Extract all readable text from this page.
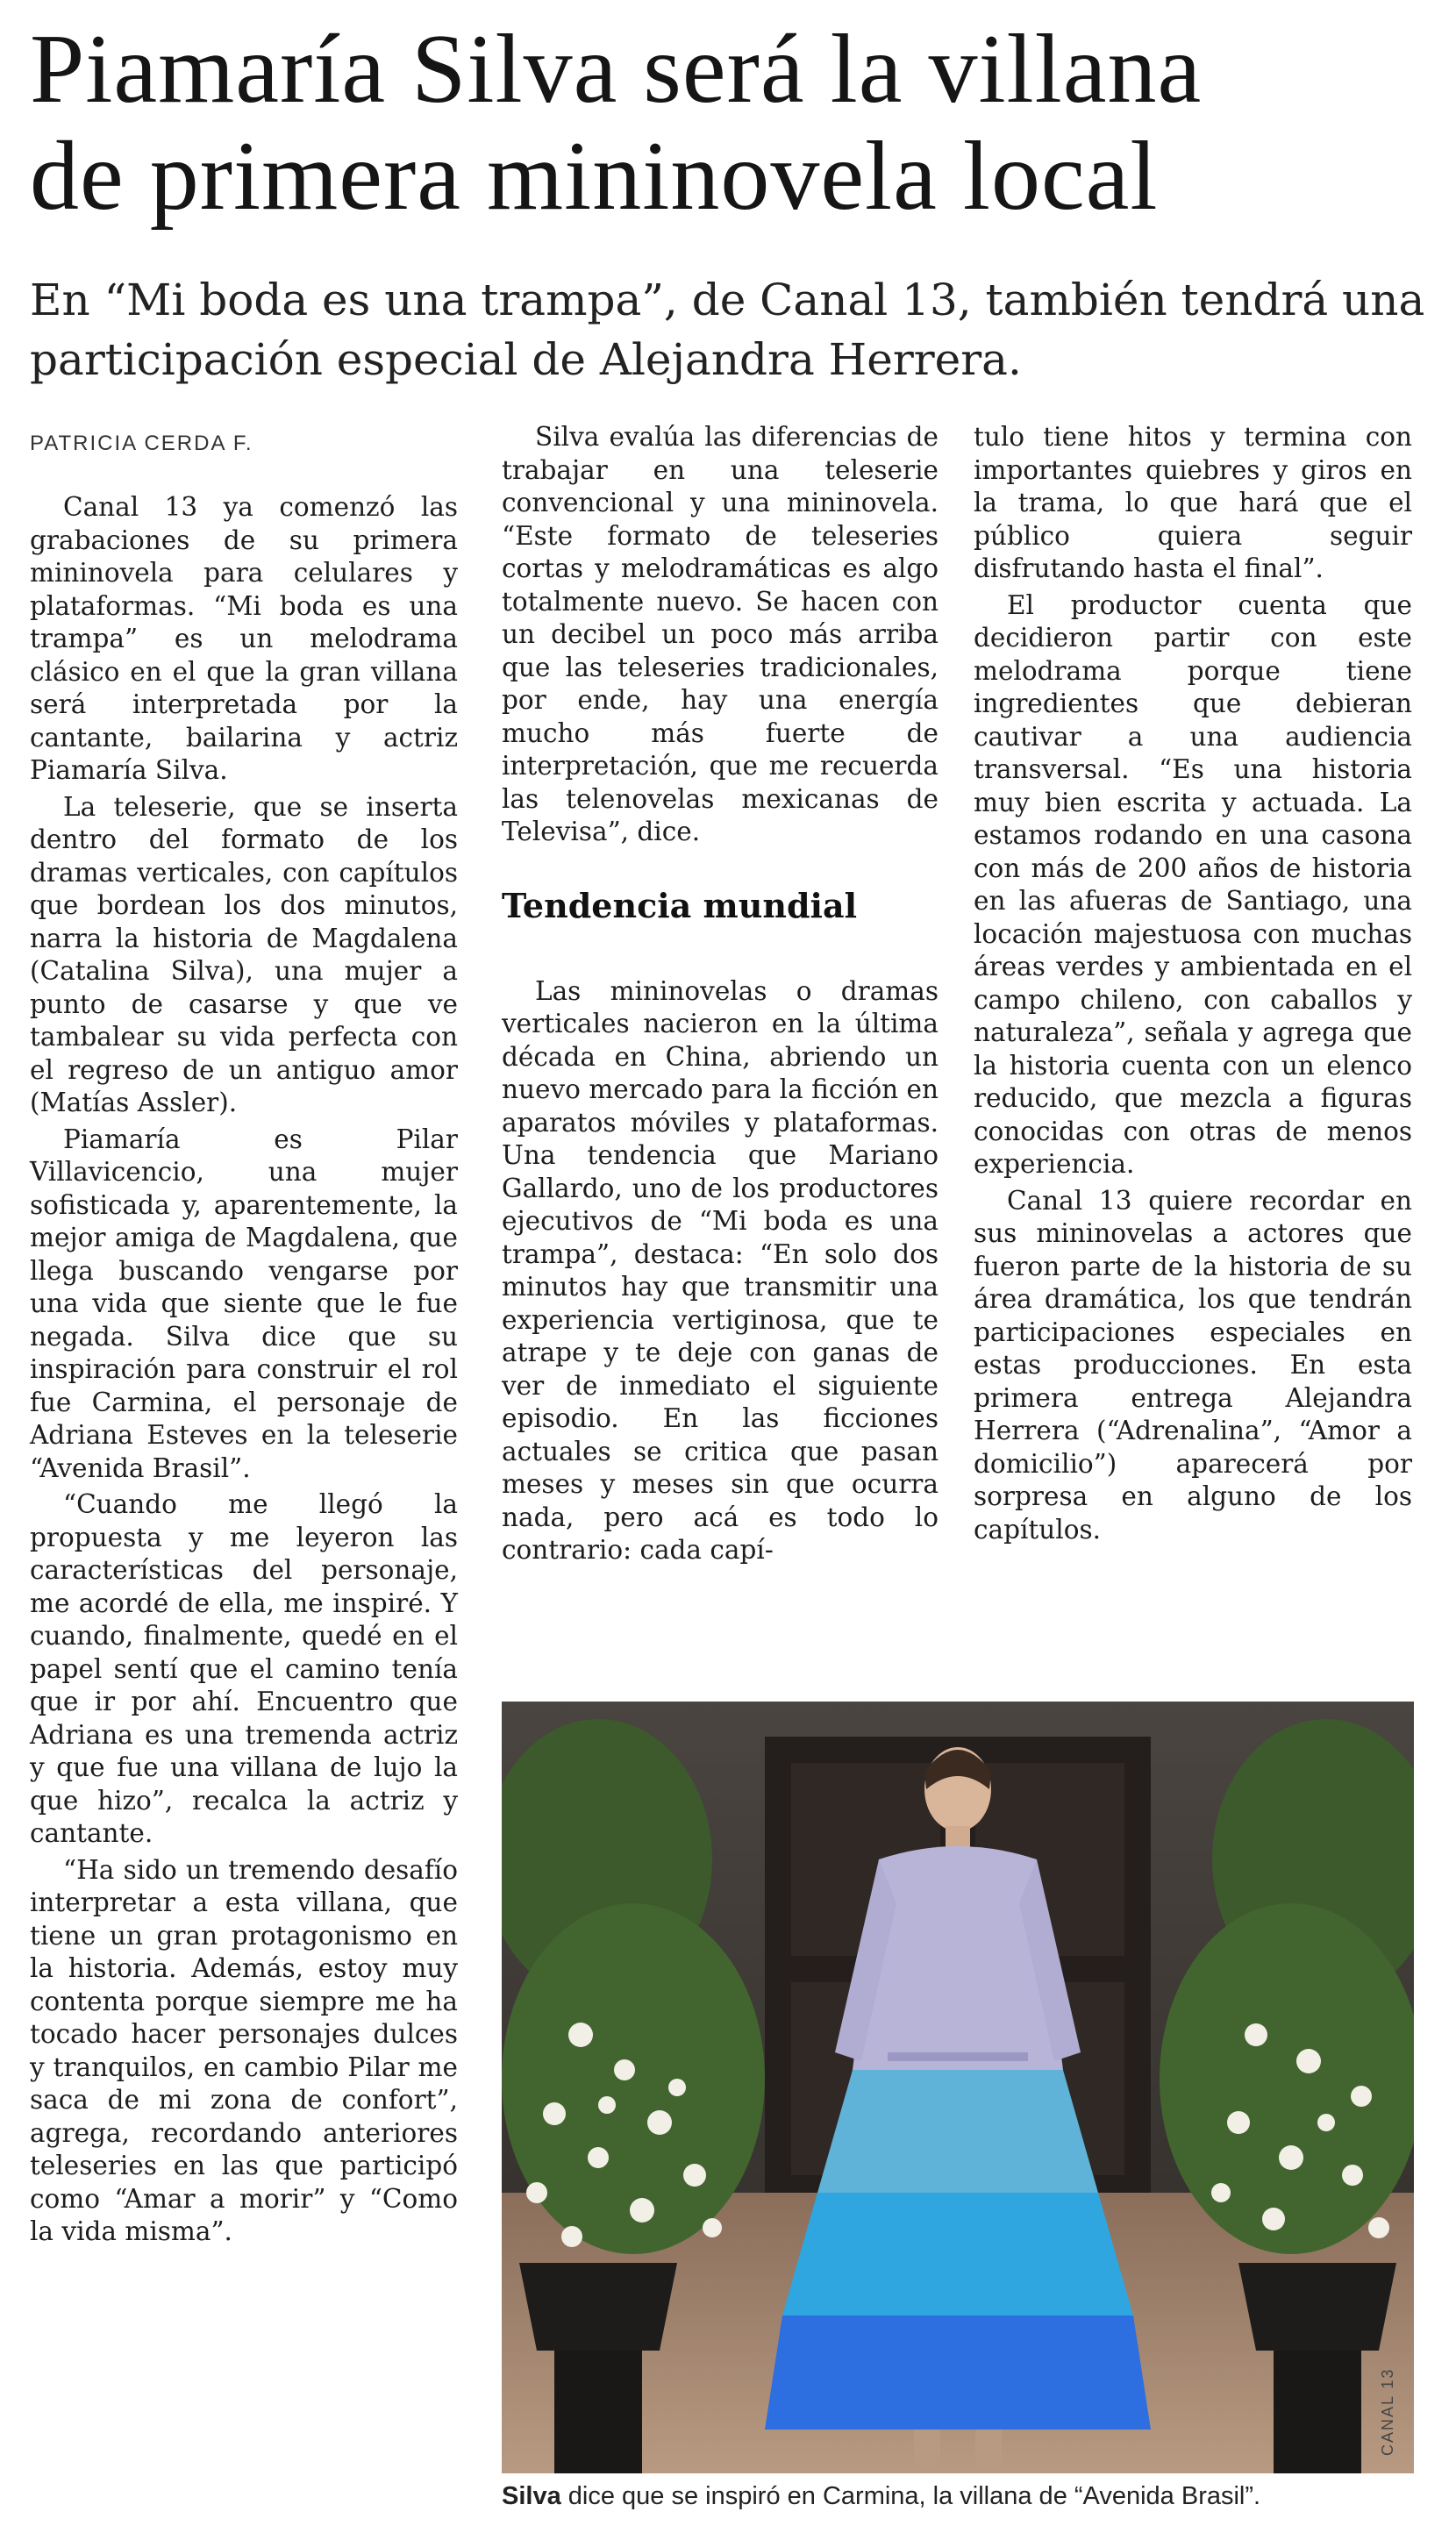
Piamaría Silva será la villana
de primera mininovela local

En “Mi boda es una trampa”, de Canal 13, también tendrá una participación especial de Alejandra Herrera.

PATRICIA CERDA F.

Canal 13 ya comenzó las grabaciones de su primera mininovela para celulares y plataformas. “Mi boda es una trampa” es un melodrama clásico en el que la gran villana será interpretada por la cantante, bailarina y actriz Piamaría Silva.

La teleserie, que se inserta dentro del formato de los dramas verticales, con capítulos que bordean los dos minutos, narra la historia de Magdalena (Catalina Silva), una mujer a punto de casarse y que ve tambalear su vida perfecta con el regreso de un antiguo amor (Matías Assler).

Piamaría es Pilar Villavicencio, una mujer sofisticada y, aparentemente, la mejor amiga de Magdalena, que llega buscando vengarse por una vida que siente que le fue negada. Silva dice que su inspiración para construir el rol fue Carmina, el personaje de Adriana Esteves en la teleserie “Avenida Brasil”.

“Cuando me llegó la propuesta y me leyeron las características del personaje, me acordé de ella, me inspiré. Y cuando, finalmente, quedé en el papel sentí que el camino tenía que ir por ahí. Encuentro que Adriana es una tremenda actriz y que fue una villana de lujo la que hizo”, recalca la actriz y cantante.

“Ha sido un tremendo desafío interpretar a esta villana, que tiene un gran protagonismo en la historia. Además, estoy muy contenta porque siempre me ha tocado hacer personajes dulces y tranquilos, en cambio Pilar me saca de mi zona de confort”, agrega, recordando anteriores teleseries en las que participó como “Amar a morir” y “Como la vida misma”.

Silva evalúa las diferencias de trabajar en una teleserie convencional y una mininovela. “Este formato de teleseries cortas y melodramáticas es algo totalmente nuevo. Se hacen con un decibel un poco más arriba que las teleseries tradicionales, por ende, hay una energía mucho más fuerte de interpretación, que me recuerda las telenovelas mexicanas de Televisa”, dice.

Tendencia mundial

Las mininovelas o dramas verticales nacieron en la última década en China, abriendo un nuevo mercado para la ficción en aparatos móviles y plataformas. Una tendencia que Mariano Gallardo, uno de los productores ejecutivos de “Mi boda es una trampa”, destaca: “En solo dos minutos hay que transmitir una experiencia vertiginosa, que te atrape y te deje con ganas de ver de inmediato el siguiente episodio. En las ficciones actuales se critica que pasan meses y meses sin que ocurra nada, pero acá es todo lo contrario: cada capí-

tulo tiene hitos y termina con importantes quiebres y giros en la trama, lo que hará que el público quiera seguir disfrutando hasta el final”.

El productor cuenta que decidieron partir con este melodrama porque tiene ingredientes que debieran cautivar a una audiencia transversal. “Es una historia muy bien escrita y actuada. La estamos rodando en una casona con más de 200 años de historia en las afueras de Santiago, una locación majestuosa con muchas áreas verdes y ambientada en el campo chileno, con caballos y naturaleza”, señala y agrega que la historia cuenta con un elenco reducido, que mezcla a figuras conocidas con otras de menos experiencia.

Canal 13 quiere recordar en sus mininovelas a actores que fueron parte de la historia de su área dramática, los que tendrán participaciones especiales en estas producciones. En esta primera entrega Alejandra Herrera (“Adrenalina”, “Amor a domicilio”) aparecerá por sorpresa en alguno de los capítulos.

CANAL 13
Silva dice que se inspiró en Carmina, la villana de “Avenida Brasil”.
